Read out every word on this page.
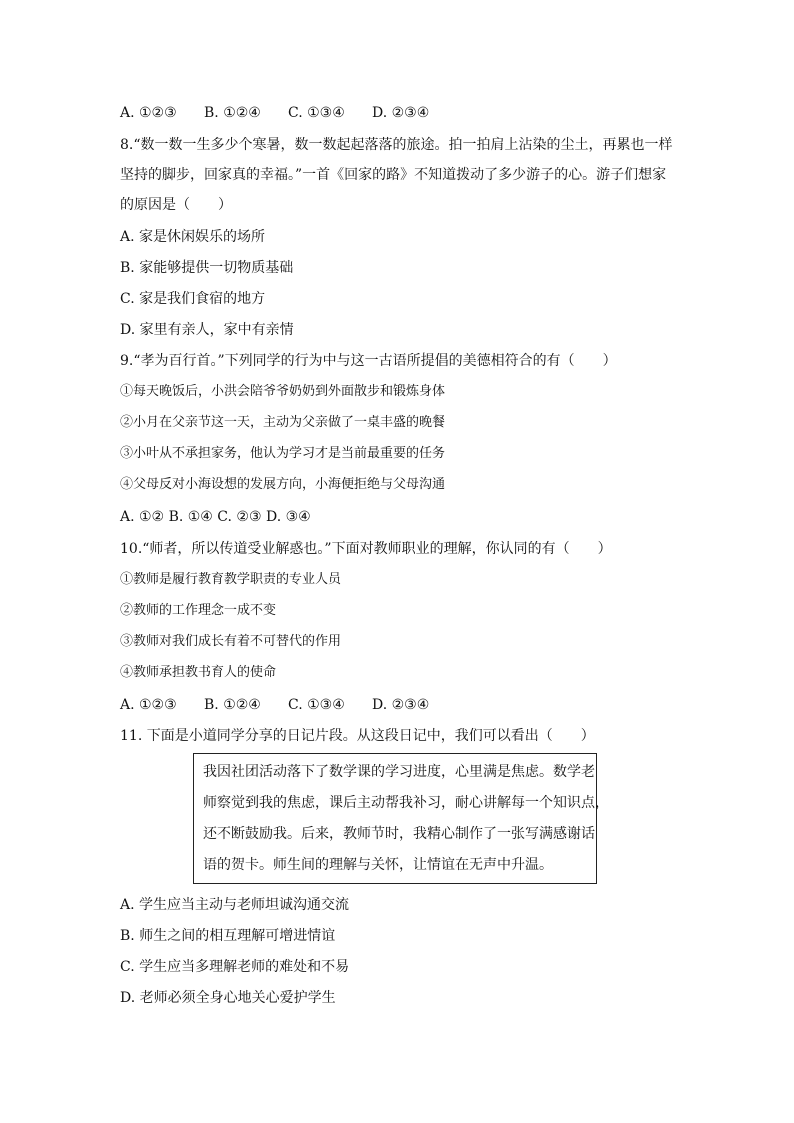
A. ①②③ B. ①②④ C. ①③④ D. ②③④
8.“数一数一生多少个寒暑，数一数起起落落的旅途。拍一拍肩上沾染的尘土，再累也一样
坚持的脚步，回家真的幸福。”一首《回家的路》不知道拨动了多少游子的心。游子们想家
的原因是（　　）
A. 家是休闲娱乐的场所
B. 家能够提供一切物质基础
C. 家是我们食宿的地方
D. 家里有亲人，家中有亲情
9.“孝为百行首。”下列同学的行为中与这一古语所提倡的美德相符合的有（　　）
①每天晚饭后，小洪会陪爷爷奶奶到外面散步和锻炼身体
②小月在父亲节这一天，主动为父亲做了一桌丰盛的晚餐
③小叶从不承担家务，他认为学习才是当前最重要的任务
④父母反对小海设想的发展方向，小海便拒绝与父母沟通
A. ①② B. ①④ C. ②③ D. ③④
10.“师者，所以传道受业解惑也。”下面对教师职业的理解，你认同的有（　　）
①教师是履行教育教学职责的专业人员
②教师的工作理念一成不变
③教师对我们成长有着不可替代的作用
④教师承担教书育人的使命
A. ①②③ B. ①②④ C. ①③④ D. ②③④
11. 下面是小道同学分享的日记片段。从这段日记中，我们可以看出（　　）
我因社团活动落下了数学课的学习进度，心里满是焦虑。数学老
师察觉到我的焦虑，课后主动帮我补习，耐心讲解每一个知识点，
还不断鼓励我。后来，教师节时，我精心制作了一张写满感谢话
语的贺卡。师生间的理解与关怀，让情谊在无声中升温。
A. 学生应当主动与老师坦诚沟通交流
B. 师生之间的相互理解可增进情谊
C. 学生应当多理解老师的难处和不易
D. 老师必须全身心地关心爱护学生
